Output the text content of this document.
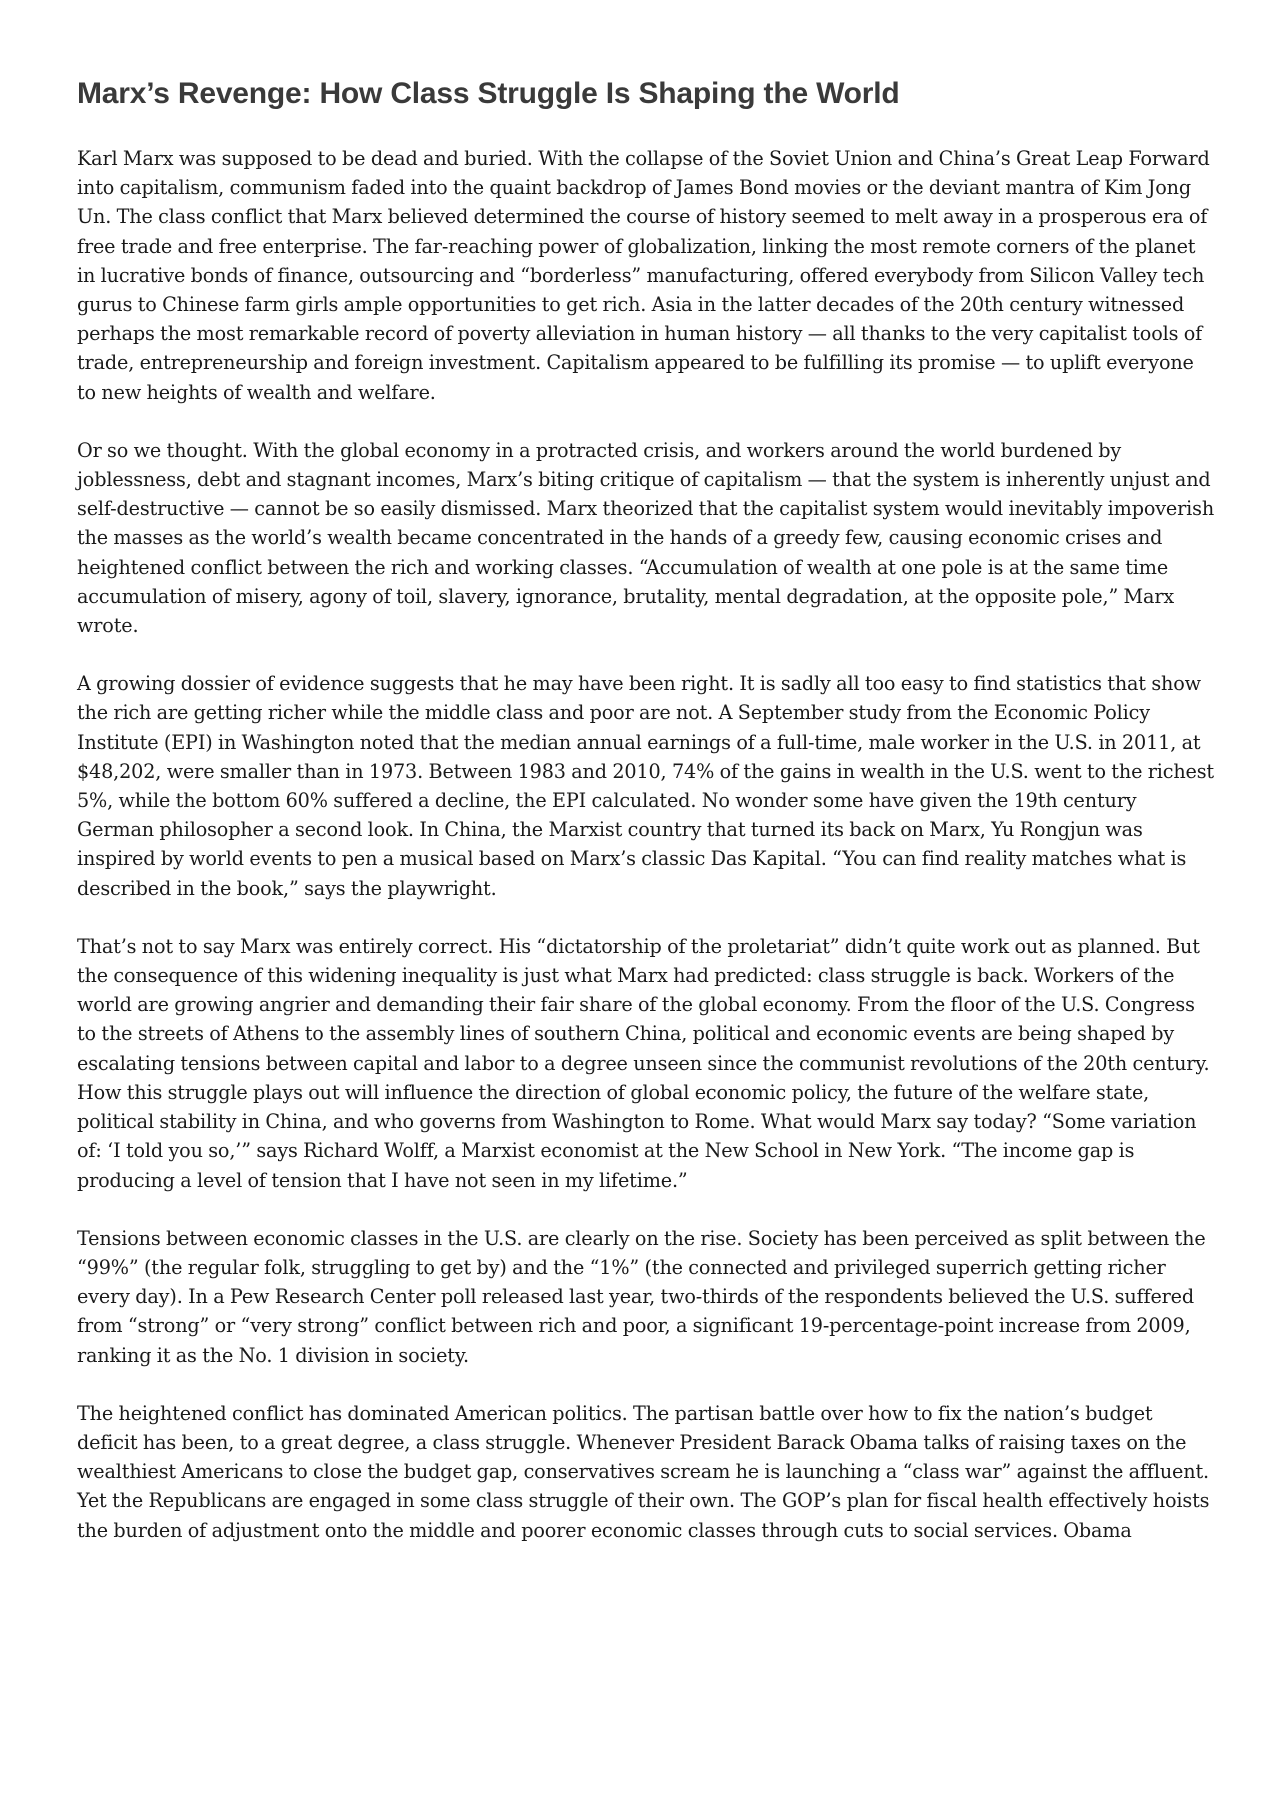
Marx’s Revenge: How Class Struggle Is Shaping the World

Karl Marx was supposed to be dead and buried. With the collapse of the Soviet Union and China’s Great Leap Forward into capitalism, communism faded into the quaint backdrop of James Bond movies or the deviant mantra of Kim Jong Un. The class conflict that Marx believed determined the course of history seemed to melt away in a prosperous era of free trade and free enterprise. The far-reaching power of globalization, linking the most remote corners of the planet in lucrative bonds of finance, outsourcing and “borderless” manufacturing, offered everybody from Silicon Valley tech gurus to Chinese farm girls ample opportunities to get rich. Asia in the latter decades of the 20th century witnessed perhaps the most remarkable record of poverty alleviation in human history — all thanks to the very capitalist tools of trade, entrepreneurship and foreign investment. Capitalism appeared to be fulfilling its promise — to uplift everyone to new heights of wealth and welfare.

Or so we thought. With the global economy in a protracted crisis, and workers around the world burdened by joblessness, debt and stagnant incomes, Marx’s biting critique of capitalism — that the system is inherently unjust and self-destructive — cannot be so easily dismissed. Marx theorized that the capitalist system would inevitably impoverish the masses as the world’s wealth became concentrated in the hands of a greedy few, causing economic crises and heightened conflict between the rich and working classes. “Accumulation of wealth at one pole is at the same time accumulation of misery, agony of toil, slavery, ignorance, brutality, mental degradation, at the opposite pole,” Marx wrote.

A growing dossier of evidence suggests that he may have been right. It is sadly all too easy to find statistics that show the rich are getting richer while the middle class and poor are not. A September study from the Economic Policy Institute (EPI) in Washington noted that the median annual earnings of a full-time, male worker in the U.S. in 2011, at $48,202, were smaller than in 1973. Between 1983 and 2010, 74% of the gains in wealth in the U.S. went to the richest 5%, while the bottom 60% suffered a decline, the EPI calculated. No wonder some have given the 19th century German philosopher a second look. In China, the Marxist country that turned its back on Marx, Yu Rongjun was inspired by world events to pen a musical based on Marx’s classic Das Kapital. “You can find reality matches what is described in the book,” says the playwright.

That’s not to say Marx was entirely correct. His “dictatorship of the proletariat” didn’t quite work out as planned. But the consequence of this widening inequality is just what Marx had predicted: class struggle is back. Workers of the world are growing angrier and demanding their fair share of the global economy. From the floor of the U.S. Congress to the streets of Athens to the assembly lines of southern China, political and economic events are being shaped by escalating tensions between capital and labor to a degree unseen since the communist revolutions of the 20th century. How this struggle plays out will influence the direction of global economic policy, the future of the welfare state, political stability in China, and who governs from Washington to Rome. What would Marx say today? “Some variation of: ‘I told you so,’” says Richard Wolff, a Marxist economist at the New School in New York. “The income gap is producing a level of tension that I have not seen in my lifetime.”

Tensions between economic classes in the U.S. are clearly on the rise. Society has been perceived as split between the “99%” (the regular folk, struggling to get by) and the “1%” (the connected and privileged superrich getting richer every day). In a Pew Research Center poll released last year, two-thirds of the respondents believed the U.S. suffered from “strong” or “very strong” conflict between rich and poor, a significant 19-percentage-point increase from 2009, ranking it as the No. 1 division in society.

The heightened conflict has dominated American politics. The partisan battle over how to fix the nation’s budget deficit has been, to a great degree, a class struggle. Whenever President Barack Obama talks of raising taxes on the wealthiest Americans to close the budget gap, conservatives scream he is launching a “class war” against the affluent. Yet the Republicans are engaged in some class struggle of their own. The GOP’s plan for fiscal health effectively hoists the burden of adjustment onto the middle and poorer economic classes through cuts to social services. Obama
